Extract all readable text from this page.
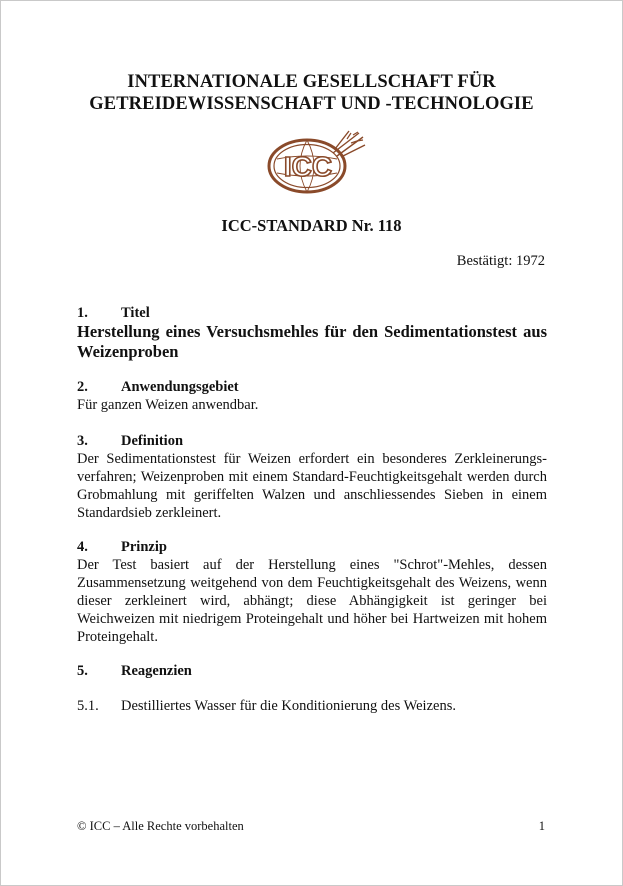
INTERNATIONALE GESELLSCHAFT FÜR
GETREIDEWISSENSCHAFT UND -TECHNOLOGIE
ICC
ICC-STANDARD Nr. 118
Bestätigt: 1972
1. Titel
Herstellung eines Versuchsmehles für den Sedimentationstest aus Weizenproben
2. Anwendungsgebiet
Für ganzen Weizen anwendbar.
3. Definition
Der Sedimentationstest für Weizen erfordert ein besonderes Zerkleinerungs-verfahren; Weizenproben mit einem Standard-Feuchtigkeitsgehalt werden durch Grobmahlung mit geriffelten Walzen und anschliessendes Sieben in einem Standardsieb zerkleinert.
4. Prinzip
Der Test basiert auf der Herstellung eines "Schrot"-Mehles, dessen Zusammensetzung weitgehend von dem Feuchtigkeitsgehalt des Weizens, wenn dieser zerkleinert wird, abhängt; diese Abhängigkeit ist geringer bei Weichweizen mit niedrigem Proteingehalt und höher bei Hartweizen mit hohem Proteingehalt.
5. Reagenzien
5.1. Destilliertes Wasser für die Konditionierung des Weizens.
© ICC – Alle Rechte vorbehalten	1
